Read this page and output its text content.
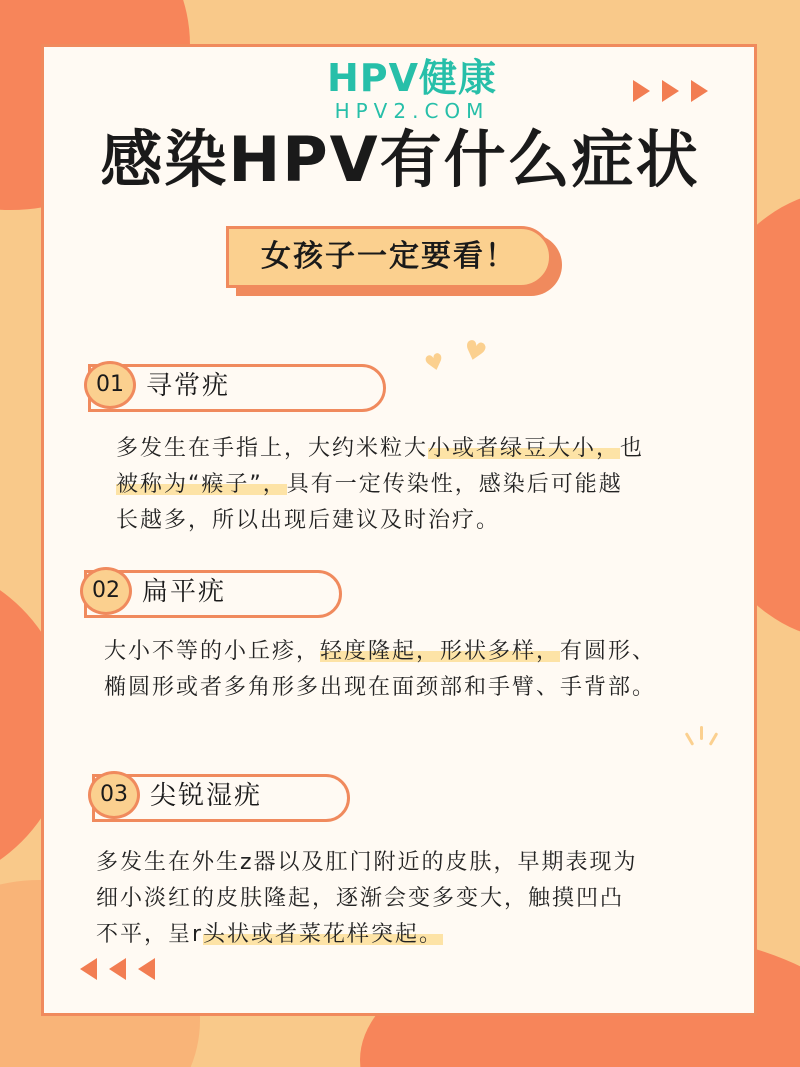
HPV健康
HPV2.COM
感染HPV有什么症状
女孩子一定要看！
♥ ♥
01 寻常疣
多发生在手指上，大约米粒大小或者绿豆大小，也
被称为“瘊子”，具有一定传染性，感染后可能越
长越多，所以出现后建议及时治疗。
02 扁平疣
大小不等的小丘疹，轻度隆起，形状多样，有圆形、
椭圆形或者多角形多出现在面颈部和手臂、手背部。
03 尖锐湿疣
多发生在外生z器以及肛门附近的皮肤，早期表现为
细小淡红的皮肤隆起，逐渐会变多变大，触摸凹凸
不平，呈r头状或者菜花样突起。
